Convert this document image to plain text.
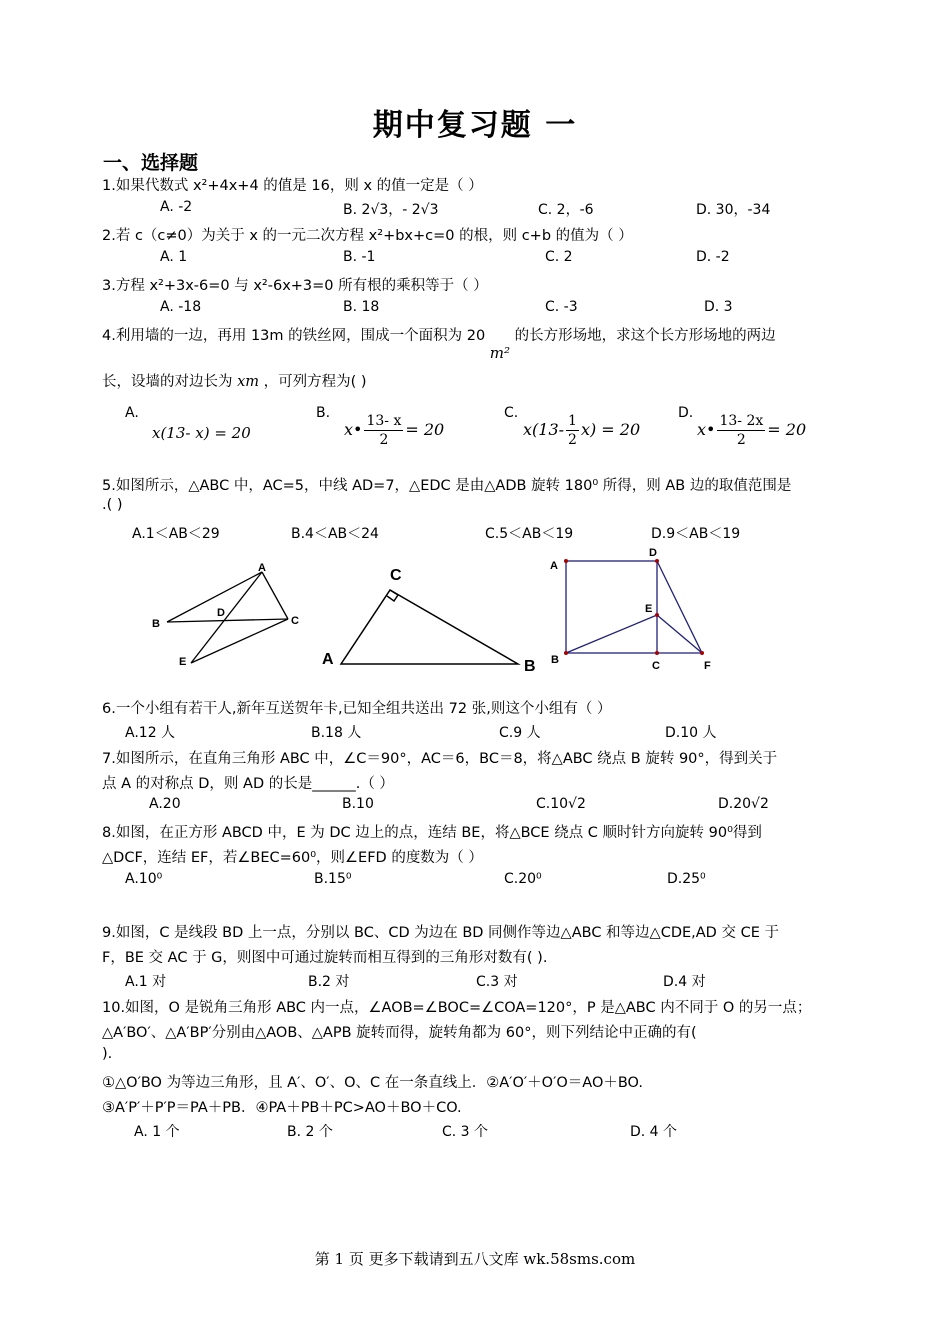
期中复习题 一
一、选择题
1.如果代数式 x²+4x+4 的值是 16，则 x 的值一定是（ ）
A. -2	B. 2√3，- 2√3	C. 2，-6	D. 30，-34
2.若 c（c≠0）为关于 x 的一元二次方程 x²+bx+c=0 的根，则 c+b 的值为（ ）
A. 1	B. -1	C. 2	D. -2
3.方程 x²+3x-6=0 与 x²-6x+3=0 所有根的乘积等于（ ）
A. -18	B. 18	C. -3	D. 3
4.利用墙的一边，再用 13m 的铁丝网，围成一个面积为 20 m² 的长方形场地，求这个长方形场地的两边
长，设墙的对边长为 xm ，可列方程为( )
A.
x(13- x) = 20
B.
x• $\frac{13- x}{2} = 20$
C.
$x(13- \frac{1}{2} x) = 20$
D.
x• $\frac{13- 2x}{2} = 20$
5.如图所示，△ABC 中，AC=5，中线 AD=7，△EDC 是由△ADB 旋转 180⁰ 所得，则 AB 边的取值范围是
.( )
A.1＜AB＜29	B.4＜AB＜24	C.5＜AB＜19	D.9＜AB＜19
A
B	C
D
E	A	B
C
A
D
E
B	C	F
6.一个小组有若干人,新年互送贺年卡,已知全组共送出 72 张,则这个小组有（ ）
A.12 人	B.18 人	C.9 人	D.10 人
7.如图所示，在直角三角形 ABC 中，∠C＝90°，AC＝6，BC＝8，将△ABC 绕点 B 旋转 90°，得到关于
点 A 的对称点 D，则 AD 的长是______.（ ）
A.20	B.10	C.10√2	D.20√2
8.如图，在正方形 ABCD 中，E 为 DC 边上的点，连结 BE，将△BCE 绕点 C 顺时针方向旋转 90⁰得到
△DCF，连结 EF，若∠BEC=60⁰，则∠EFD 的度数为（ ）
A.10⁰	B.15⁰	C.20⁰	D.25⁰
9.如图，C 是线段 BD 上一点，分别以 BC、CD 为边在 BD 同侧作等边△ABC 和等边△CDE,AD 交 CE 于
F，BE 交 AC 于 G，则图中可通过旋转而相互得到的三角形对数有( ).
A.1 对	B.2 对	C.3 对	D.4 对
10.如图，O 是锐角三角形 ABC 内一点，∠AOB=∠BOC=∠COA=120°，P 是△ABC 内不同于 O 的另一点；
△A′BO′、△A′BP′分别由△AOB、△APB 旋转而得，旋转角都为 60°，则下列结论中正确的有(
).
①△O′BO 为等边三角形，且 A′、O′、O、C 在一条直线上．②A′O′＋O′O＝AO＋BO.
③A′P′＋P′P＝PA＋PB．④PA＋PB＋PC>AO＋BO＋CO.
A. 1 个	B. 2 个	C. 3 个	D. 4 个
第 1 页 更多下载请到五八文库 wk.58sms.com
